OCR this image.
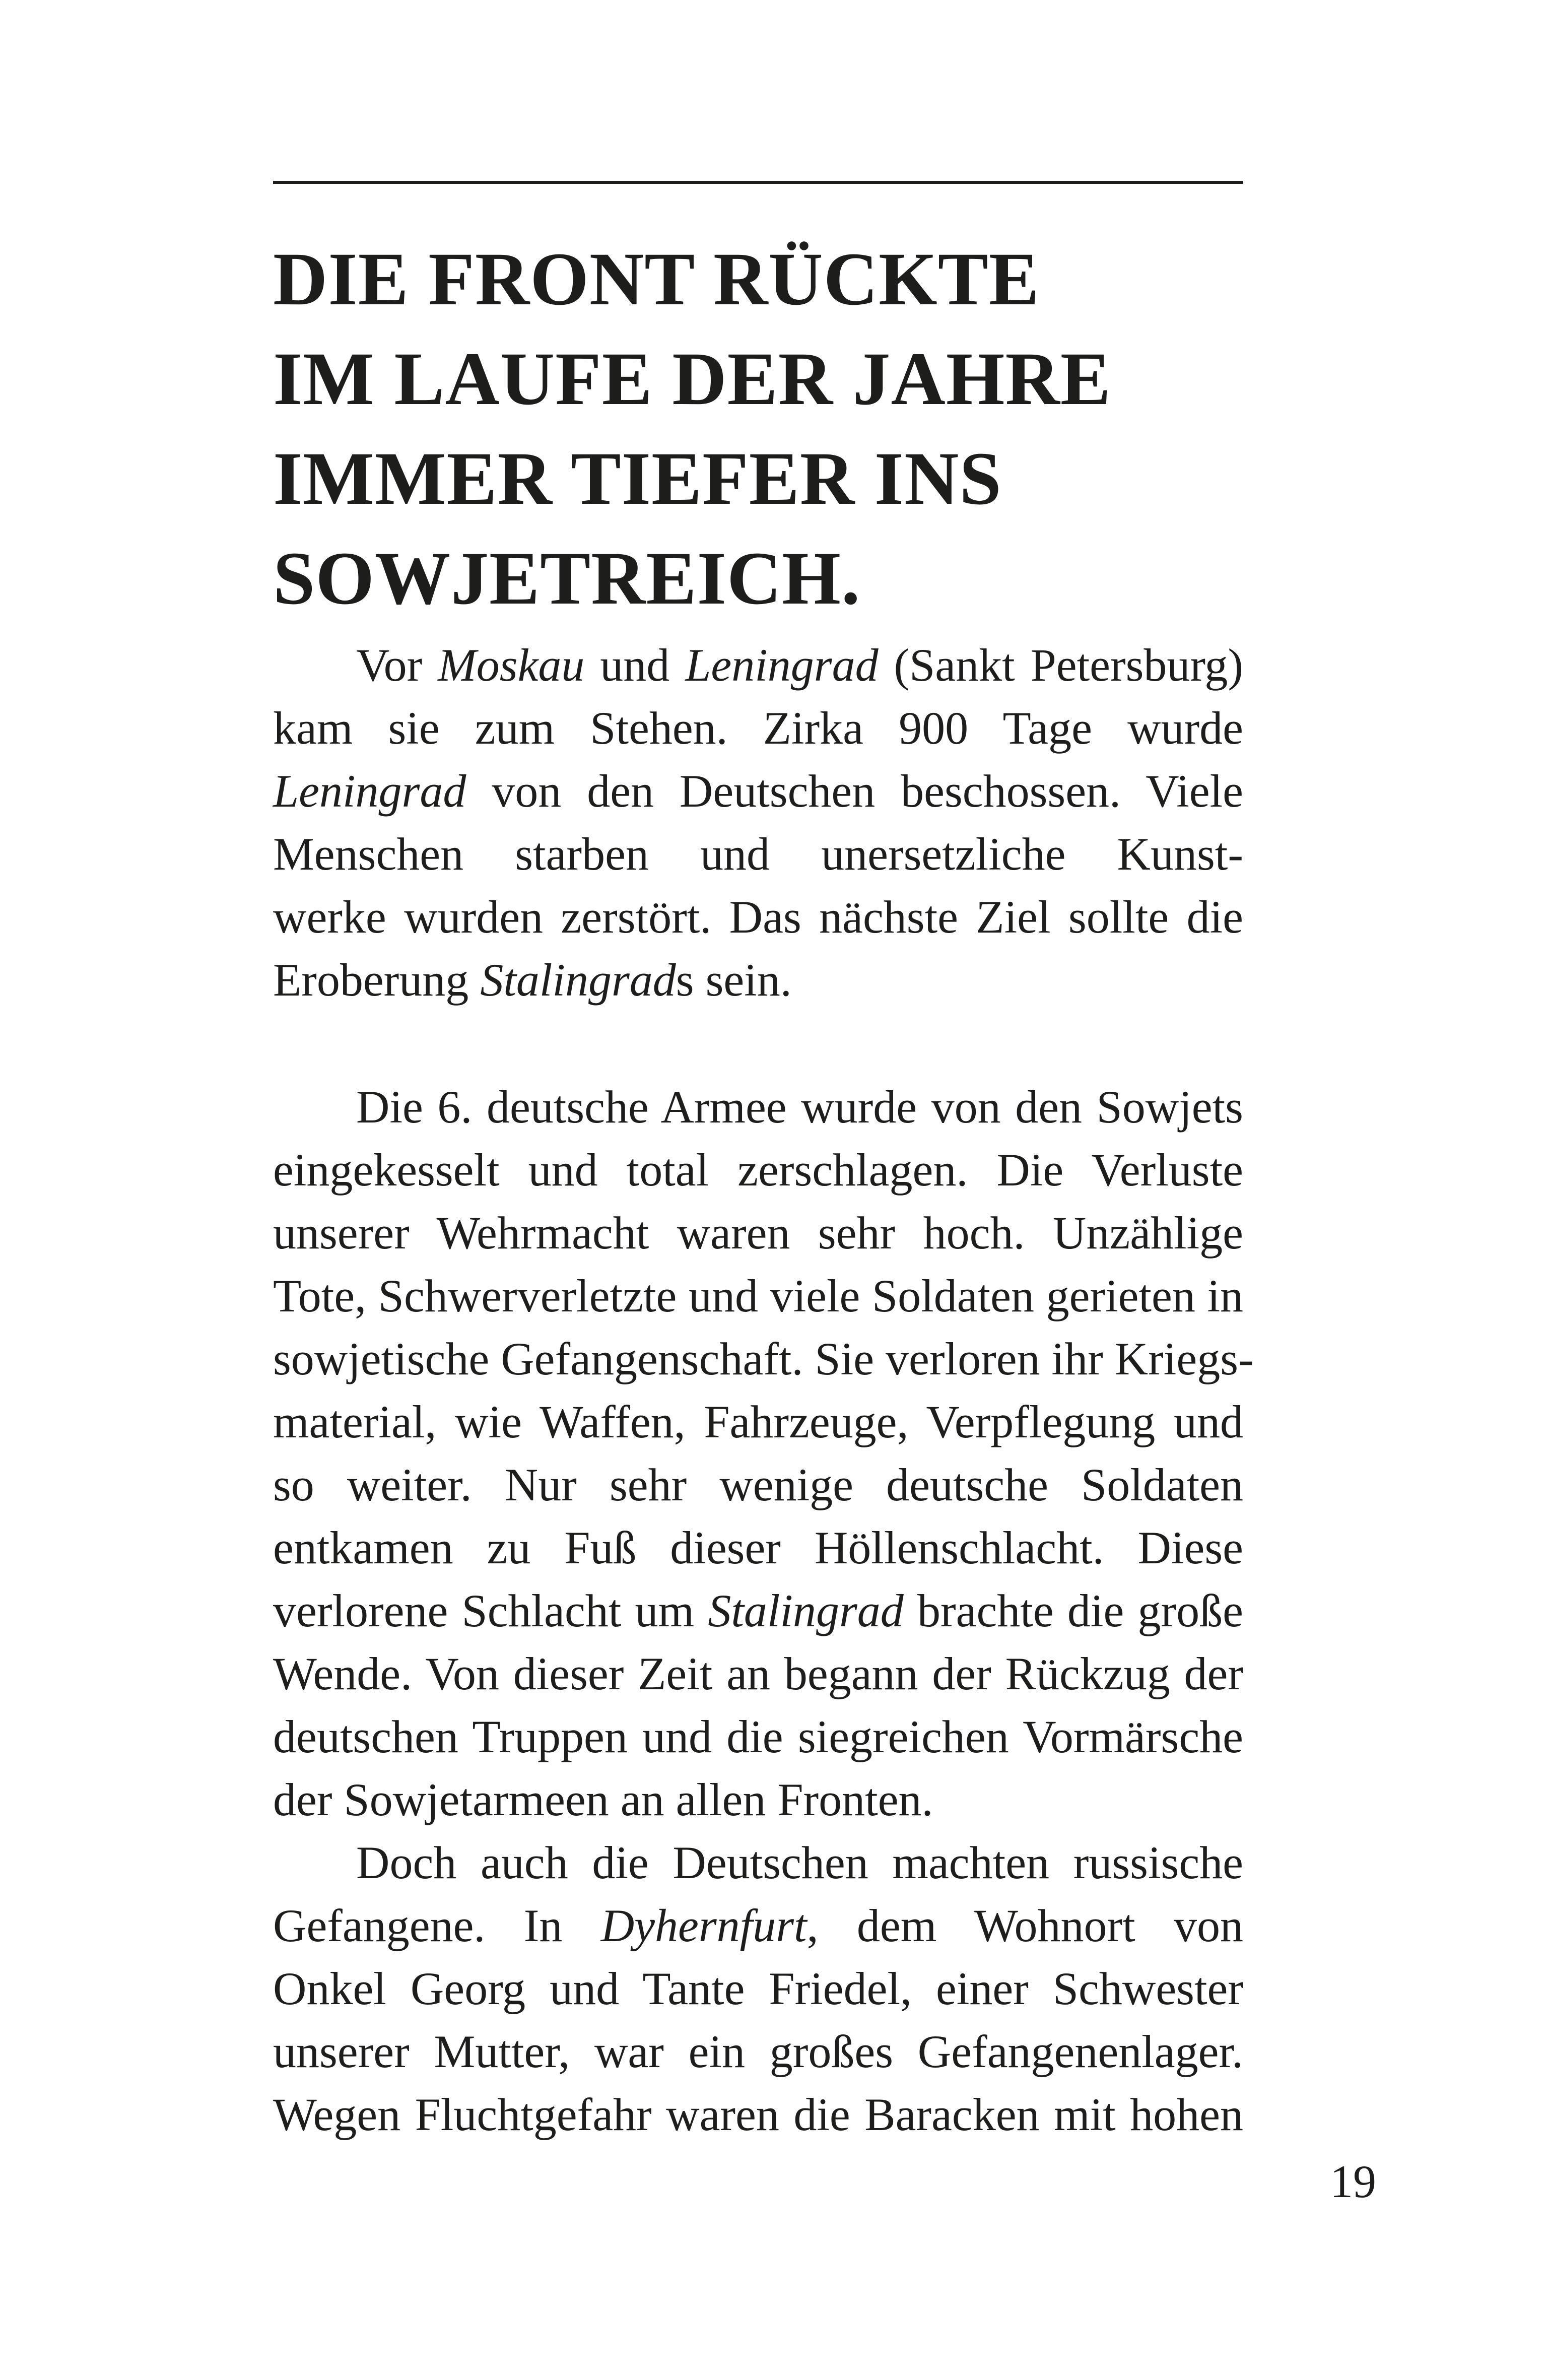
DIE FRONT RÜCKTE
IM LAUFE DER JAHRE
IMMER TIEFER INS
SOWJETREICH.

Vor Moskau und Leningrad (Sankt Petersburg)
kam sie zum Stehen. Zirka 900 Tage wurde
Leningrad von den Deutschen beschossen. Viele
Menschen starben und unersetzliche Kunst-
werke wurden zerstört. Das nächste Ziel sollte die
Eroberung Stalingrads sein.

Die 6. deutsche Armee wurde von den Sowjets
eingekesselt und total zerschlagen. Die Verluste
unserer Wehrmacht waren sehr hoch. Unzählige
Tote, Schwerverletzte und viele Soldaten gerieten in
sowjetische Gefangenschaft. Sie verloren ihr Kriegs-
material, wie Waffen, Fahrzeuge, Verpflegung und
so weiter. Nur sehr wenige deutsche Soldaten
entkamen zu Fuß dieser Höllenschlacht. Diese
verlorene Schlacht um Stalingrad brachte die große
Wende. Von dieser Zeit an begann der Rückzug der
deutschen Truppen und die siegreichen Vormärsche
der Sowjetarmeen an allen Fronten.

Doch auch die Deutschen machten russische
Gefangene. In Dyhernfurt, dem Wohnort von
Onkel Georg und Tante Friedel, einer Schwester
unserer Mutter, war ein großes Gefangenenlager.
Wegen Fluchtgefahr waren die Baracken mit hohen

19
